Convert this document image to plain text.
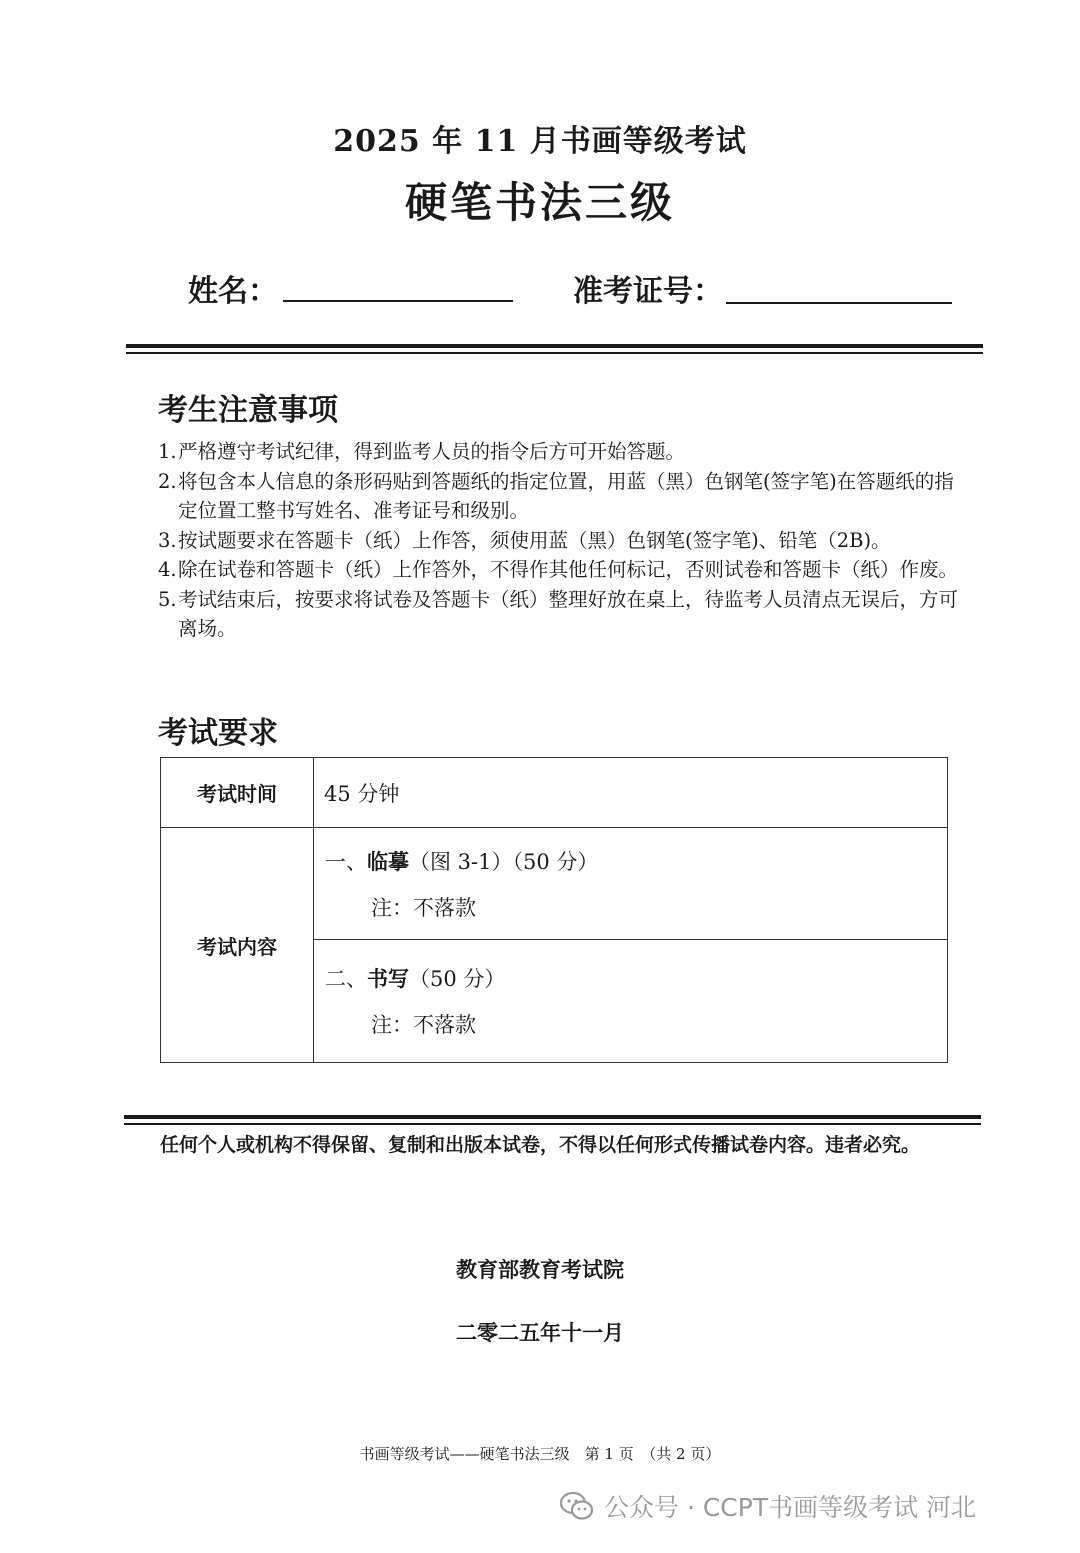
2025 年 11 月书画等级考试
硬笔书法三级
姓名：	准考证号：
考生注意事项
1. 严格遵守考试纪律，得到监考人员的指令后方可开始答题。
2. 将包含本人信息的条形码贴到答题纸的指定位置，用蓝（黑）色钢笔(签字笔)在答题纸的指定位置工整书写姓名、准考证号和级别。
3. 按试题要求在答题卡（纸）上作答，须使用蓝（黑）色钢笔(签字笔)、铅笔（2B)。
4. 除在试卷和答题卡（纸）上作答外，不得作其他任何标记，否则试卷和答题卡（纸）作废。
5. 考试结束后，按要求将试卷及答题卡（纸）整理好放在桌上，待监考人员清点无误后，方可离场。
考试要求
考试时间	45 分钟
考试内容	一、临摹（图 3-1）（50 分）
注：不落款

	二、书写（50 分）
注：不落款
任何个人或机构不得保留、复制和出版本试卷，不得以任何形式传播试卷内容。违者必究。
教育部教育考试院
二零二五年十一月
书画等级考试——硬笔书法三级　第 1 页　（共 2 页）
公众号 · CCPT书画等级考试 河北
